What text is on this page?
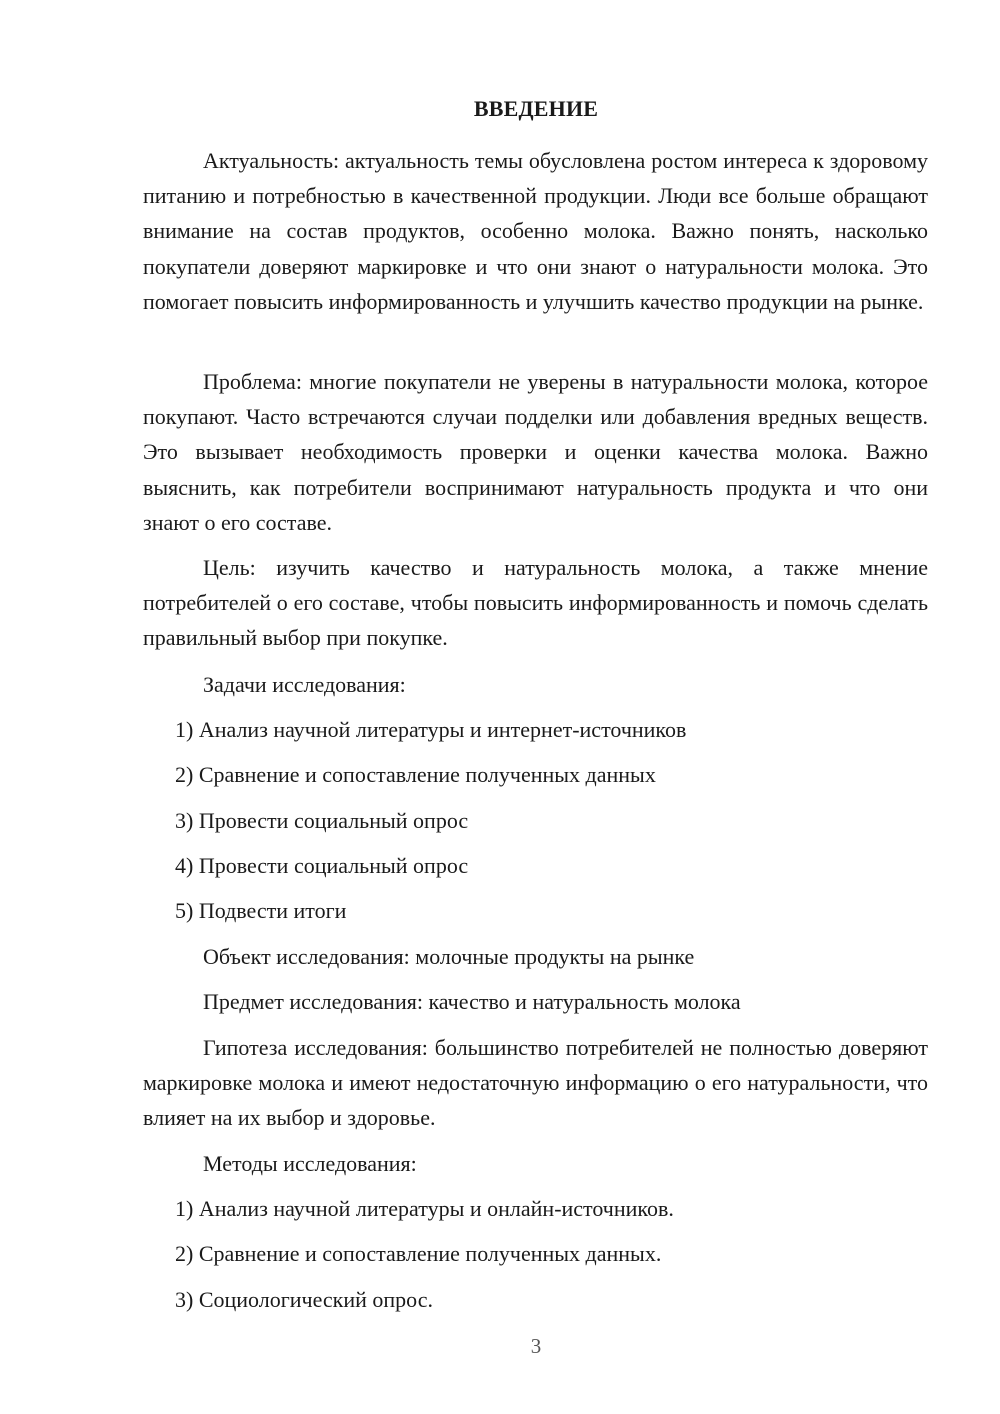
ВВЕДЕНИЕ

Актуальность: актуальность темы обусловлена ростом интереса к здоровому питанию и потребностью в качественной продукции. Люди все больше обращают внимание на состав продуктов, особенно молока. Важно понять, насколько покупатели доверяют маркировке и что они знают о натуральности молока. Это помогает повысить информированность и улучшить качество продукции на рынке.

Проблема: многие покупатели не уверены в натуральности молока, которое покупают. Часто встречаются случаи подделки или добавления вредных веществ. Это вызывает необходимость проверки и оценки качества молока. Важно выяснить, как потребители воспринимают натуральность продукта и что они знают о его составе.

Цель: изучить качество и натуральность молока, а также мнение потребителей о его составе, чтобы повысить информированность и помочь сделать правильный выбор при покупке.

Задачи исследования:

1) Анализ научной литературы и интернет-источников

2) Сравнение и сопоставление полученных данных

3) Провести социальный опрос

4) Провести социальный опрос

5) Подвести итоги

Объект исследования: молочные продукты на рынке

Предмет исследования: качество и натуральность молока

Гипотеза исследования: большинство потребителей не полностью доверяют маркировке молока и имеют недостаточную информацию о его натуральности, что влияет на их выбор и здоровье.

Методы исследования:

1) Анализ научной литературы и онлайн-источников.

2) Сравнение и сопоставление полученных данных.

3) Социологический опрос.

3
